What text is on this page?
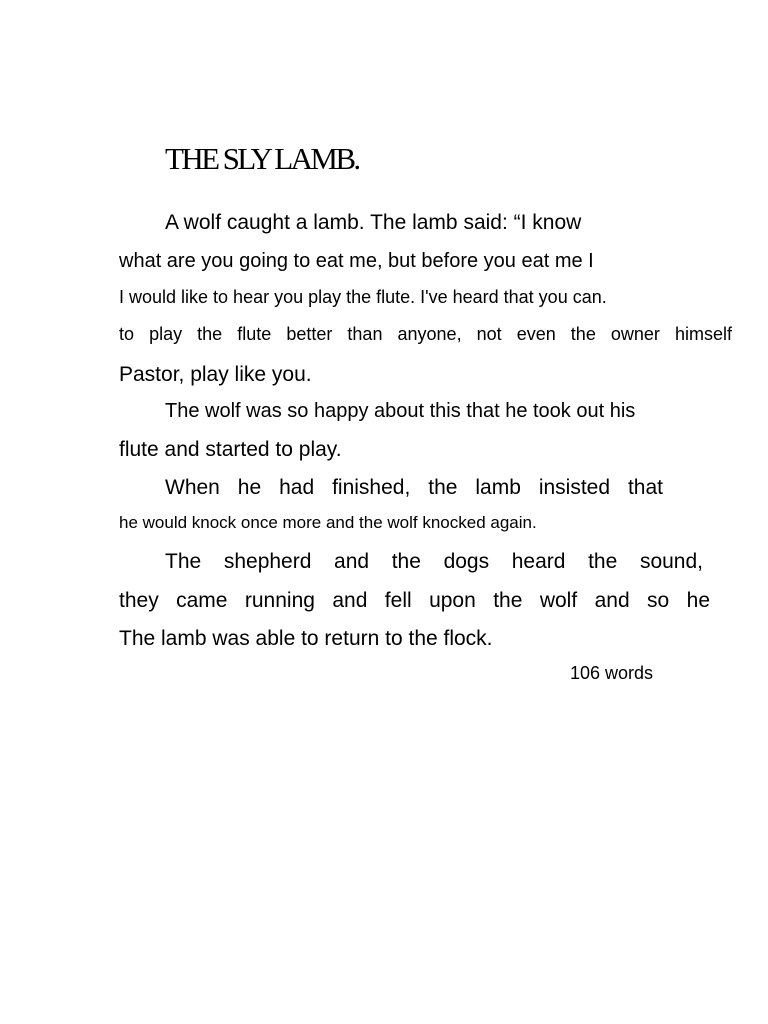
THE SLY LAMB.

A wolf caught a lamb. The lamb said: “I know

what are you going to eat me, but before you eat me I

I would like to hear you play the flute. I've heard that you can.

to play the flute better than anyone, not even the owner himself

Pastor, play like you.

The wolf was so happy about this that he took out his

flute and started to play.

When he had finished, the lamb insisted that

he would knock once more and the wolf knocked again.

The shepherd and the dogs heard the sound,

they came running and fell upon the wolf and so he

The lamb was able to return to the flock.

106 words
